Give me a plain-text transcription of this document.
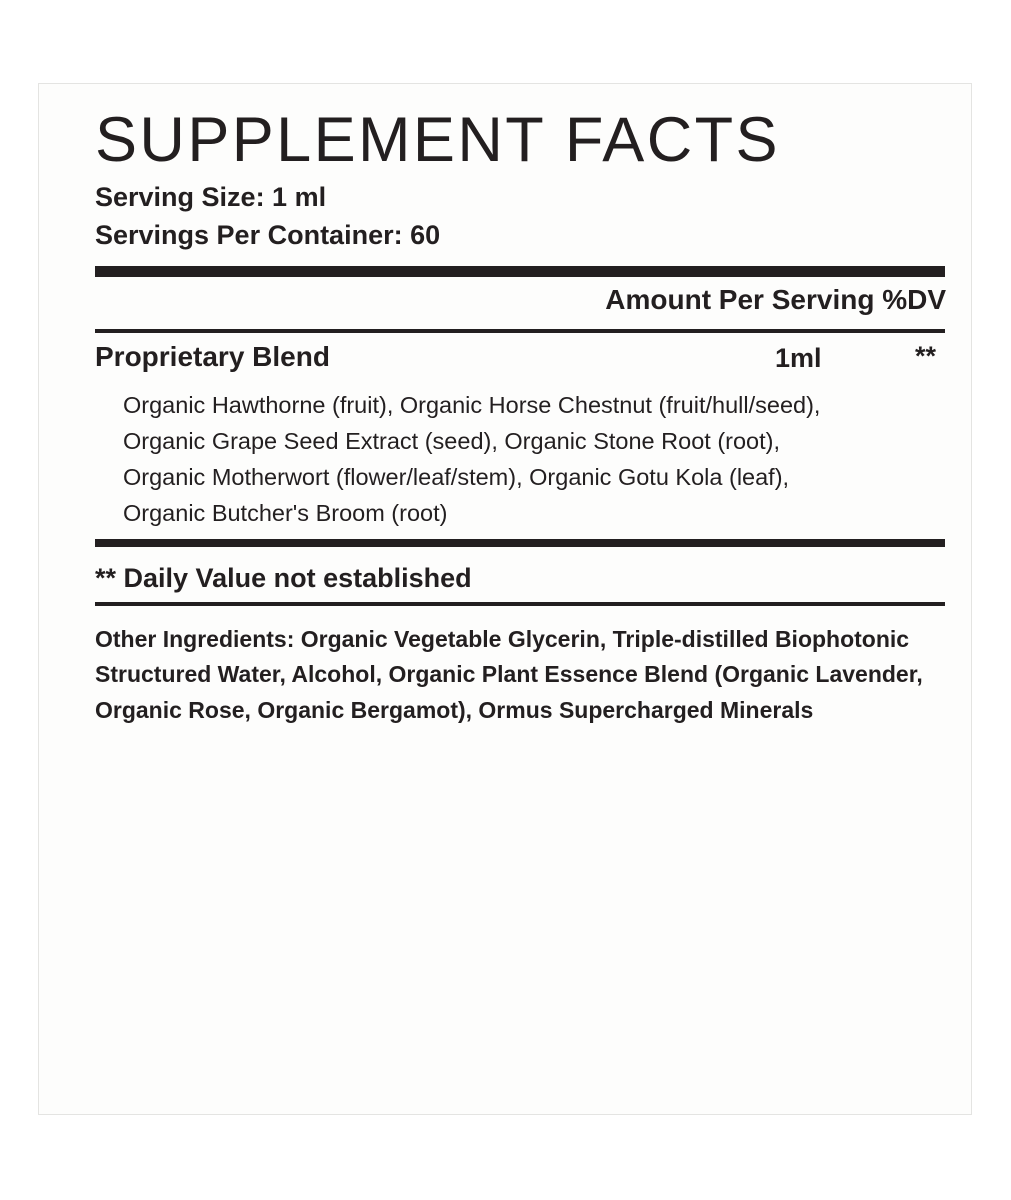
SUPPLEMENT FACTS
Serving Size: 1 ml
Servings Per Container: 60
Amount Per Serving %DV
Proprietary Blend	1ml	**
Organic Hawthorne (fruit), Organic Horse Chestnut (fruit/hull/seed), Organic Grape Seed Extract (seed), Organic Stone Root (root), Organic Motherwort (flower/leaf/stem), Organic Gotu Kola (leaf), Organic Butcher's Broom (root)
** Daily Value not established
Other Ingredients: Organic Vegetable Glycerin, Triple-distilled Biophotonic Structured Water, Alcohol, Organic Plant Essence Blend (Organic Lavender, Organic Rose, Organic Bergamot), Ormus Supercharged Minerals
